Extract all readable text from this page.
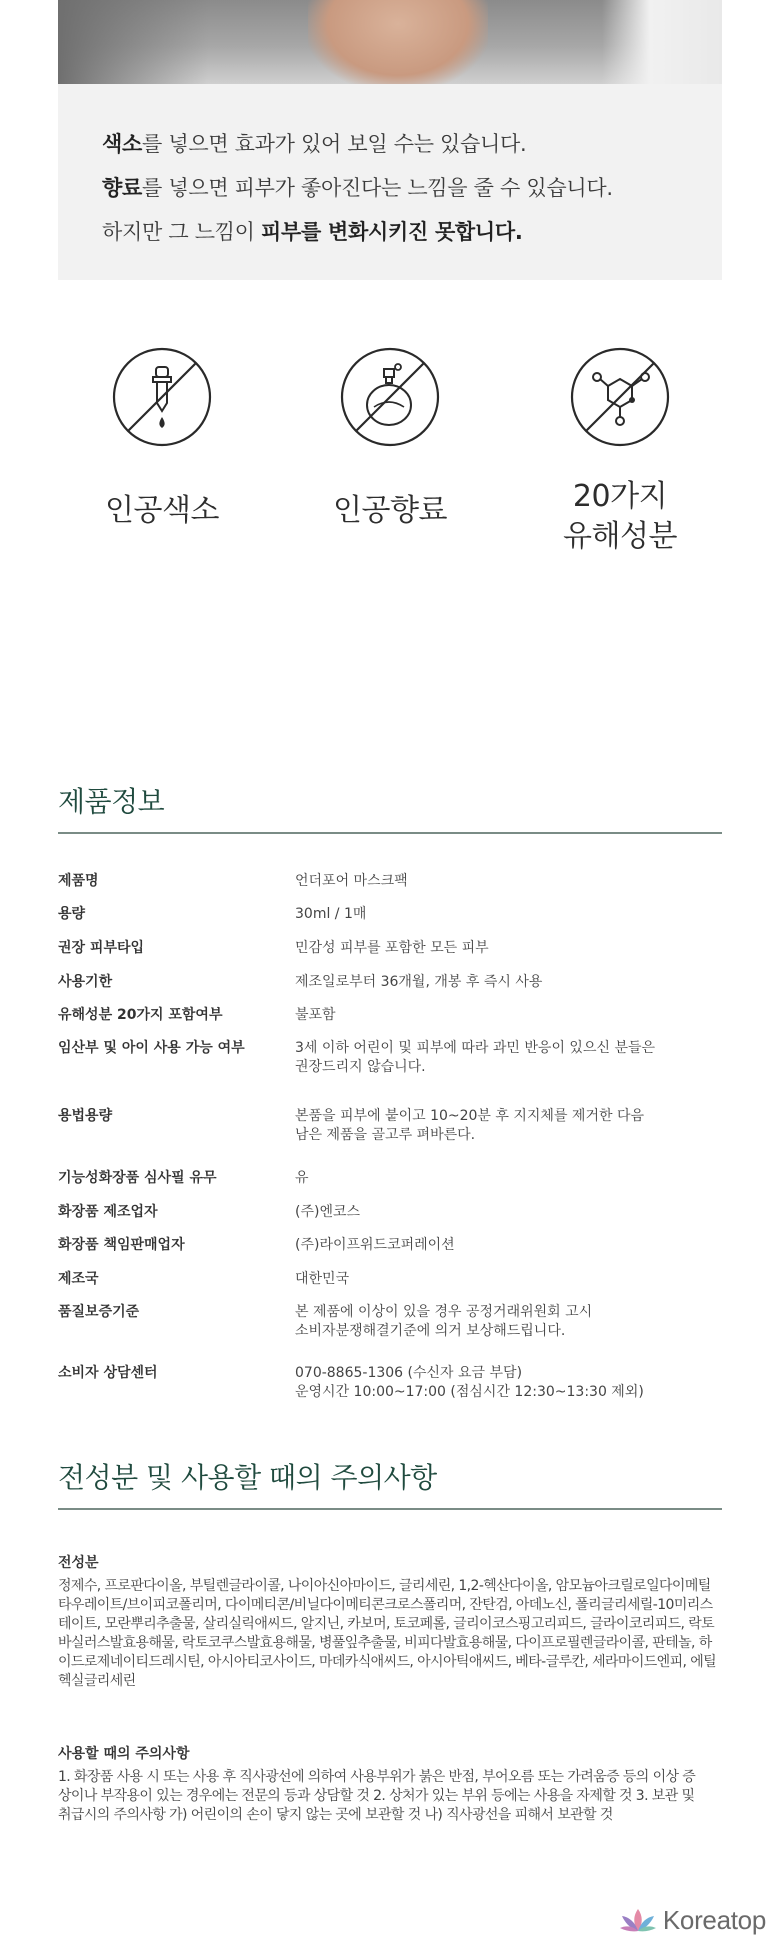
색소를 넣으면 효과가 있어 보일 수는 있습니다.
향료를 넣으면 피부가 좋아진다는 느낌을 줄 수 있습니다.
하지만 그 느낌이 피부를 변화시키진 못합니다.
인공색소	인공향료	20가지
유해성분
제품정보
제품명	언더포어 마스크팩
용량	30ml / 1매
권장 피부타입	민감성 피부를 포함한 모든 피부
사용기한	제조일로부터 36개월, 개봉 후 즉시 사용
유해성분 20가지 포함여부	불포함
임산부 및 아이 사용 가능 여부	3세 이하 어린이 및 피부에 따라 과민 반응이 있으신 분들은
권장드리지 않습니다.
용법용량	본품을 피부에 붙이고 10~20분 후 지지체를 제거한 다음
남은 제품을 골고루 펴바른다.
기능성화장품 심사필 유무	유
화장품 제조업자	(주)엔코스
화장품 책임판매업자	(주)라이프위드코퍼레이션
제조국	대한민국
품질보증기준	본 제품에 이상이 있을 경우 공정거래위원회 고시
소비자분쟁해결기준에 의거 보상해드립니다.
소비자 상담센터	070-8865-1306 (수신자 요금 부담)
운영시간 10:00~17:00 (점심시간 12:30~13:30 제외)
전성분 및 사용할 때의 주의사항
전성분
정제수, 프로판다이올, 부틸렌글라이콜, 나이아신아마이드, 글리세린, 1,2-헥산다이올, 암모늄아크릴로일다이메틸
타우레이트/브이피코폴리머, 다이메티콘/비닐다이메티콘크로스폴리머, 잔탄검, 아데노신, 폴리글리세릴-10미리스
테이트, 모란뿌리추출물, 살리실릭애씨드, 알지닌, 카보머, 토코페롤, 글리이코스핑고리피드, 글라이코리피드, 락토
바실러스발효용해물, 락토코쿠스발효용해물, 병풀잎추출물, 비피다발효용해물, 다이프로필렌글라이콜, 판테놀, 하
이드로제네이티드레시틴, 아시아티코사이드, 마데카식애씨드, 아시아틱애씨드, 베타-글루칸, 세라마이드엔피, 에틸
헥실글리세린
사용할 때의 주의사항
1. 화장품 사용 시 또는 사용 후 직사광선에 의하여 사용부위가 붉은 반점, 부어오름 또는 가려움증 등의 이상 증
상이나 부작용이 있는 경우에는 전문의 등과 상담할 것 2. 상처가 있는 부위 등에는 사용을 자제할 것 3. 보관 및
취급시의 주의사항 가) 어린이의 손이 닿지 않는 곳에 보관할 것 나) 직사광선을 피해서 보관할 것
Koreatop
